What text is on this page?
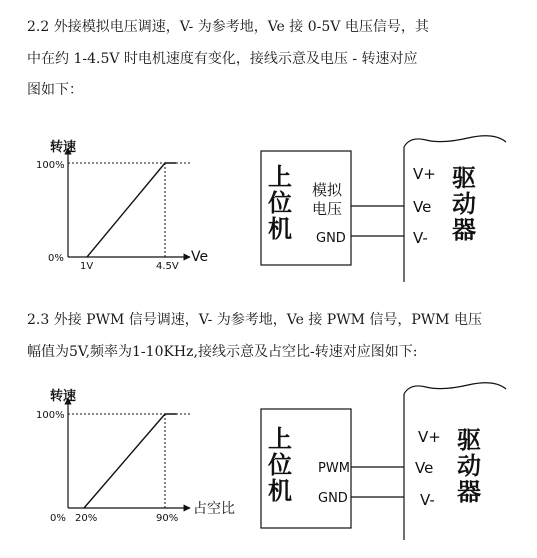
2.2 外接模拟电压调速，V- 为参考地，Ve 接 0-5V 电压信号，其
中在约 1-4.5V 时电机速度有变化，接线示意及电压 - 转速对应
图如下：
2.3 外接 PWM 信号调速，V- 为参考地，Ve 接 PWM 信号，PWM 电压
幅值为5V,频率为1-10KHz,接线示意及占空比-转速对应图如下:
转速
100%
0%
1V	4.5V
Ve
上
位
机
模拟
电压
GND
V+
Ve
V-
驱
动
器
转速
100%
0% 20%	90%
占空比
上
位
机
PWM
GND
V+
Ve
V-
驱
动
器
